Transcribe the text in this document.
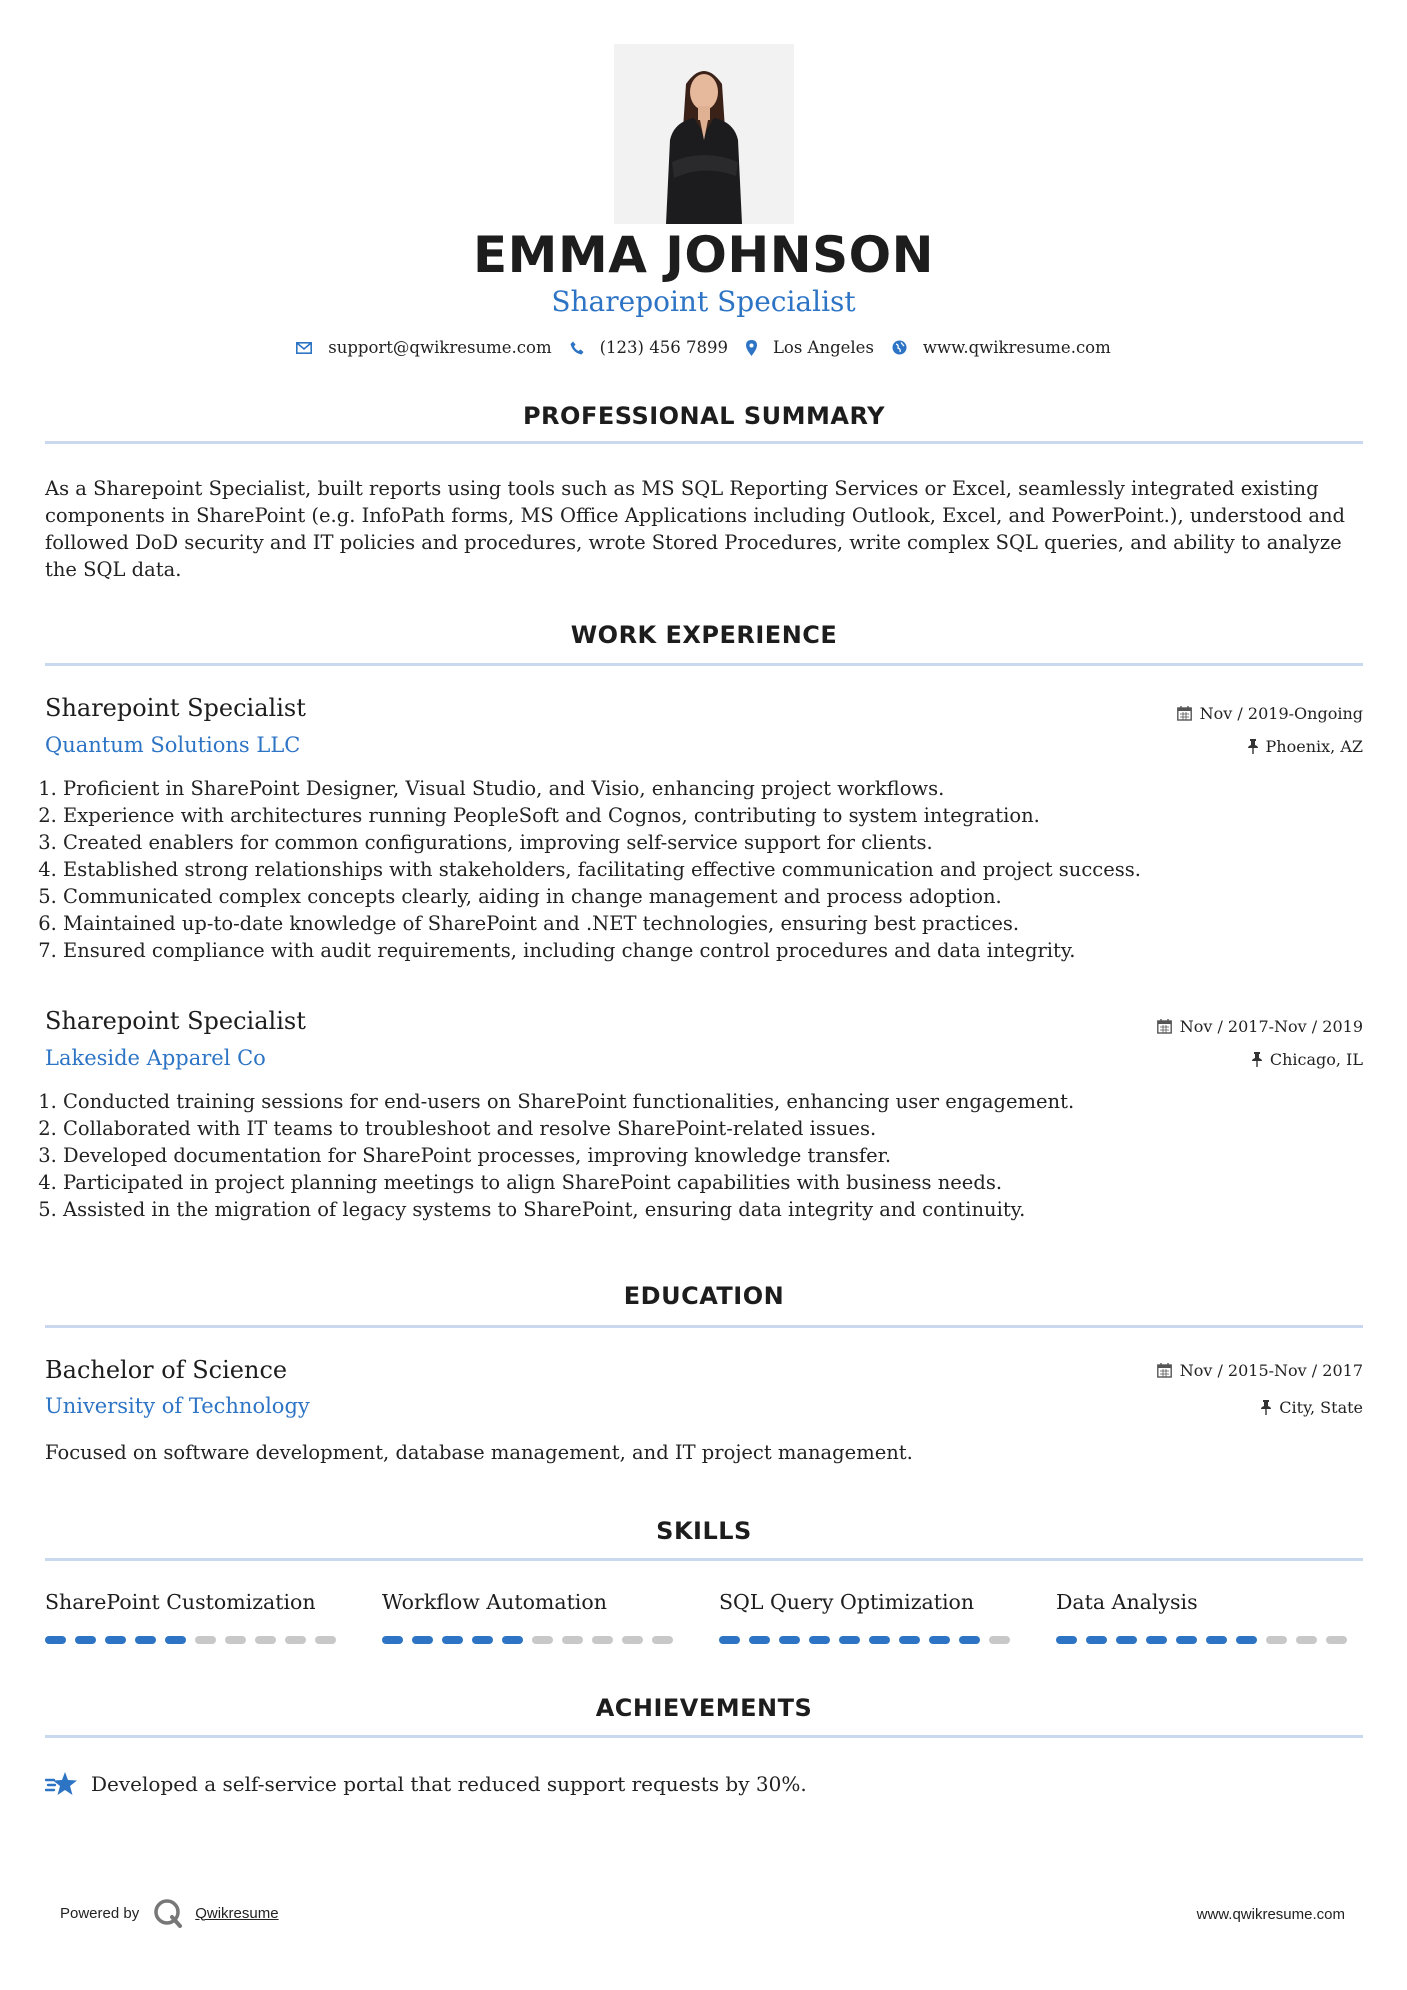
EMMA JOHNSON
Sharepoint Specialist
support@qwikresume.com	(123) 456 7899	Los Angeles	www.qwikresume.com
PROFESSIONAL SUMMARY
As a Sharepoint Specialist, built reports using tools such as MS SQL Reporting Services or Excel, seamlessly integrated existing components in SharePoint (e.g. InfoPath forms, MS Office Applications including Outlook, Excel, and PowerPoint.), understood and followed DoD security and IT policies and procedures, wrote Stored Procedures, write complex SQL queries, and ability to analyze the SQL data.
WORK EXPERIENCE
Sharepoint Specialist
Quantum Solutions LLC
Nov / 2019-Ongoing
Phoenix, AZ
1. Proficient in SharePoint Designer, Visual Studio, and Visio, enhancing project workflows.
2. Experience with architectures running PeopleSoft and Cognos, contributing to system integration.
3. Created enablers for common configurations, improving self-service support for clients.
4. Established strong relationships with stakeholders, facilitating effective communication and project success.
5. Communicated complex concepts clearly, aiding in change management and process adoption.
6. Maintained up-to-date knowledge of SharePoint and .NET technologies, ensuring best practices.
7. Ensured compliance with audit requirements, including change control procedures and data integrity.
Sharepoint Specialist
Lakeside Apparel Co
Nov / 2017-Nov / 2019
Chicago, IL
1. Conducted training sessions for end-users on SharePoint functionalities, enhancing user engagement.
2. Collaborated with IT teams to troubleshoot and resolve SharePoint-related issues.
3. Developed documentation for SharePoint processes, improving knowledge transfer.
4. Participated in project planning meetings to align SharePoint capabilities with business needs.
5. Assisted in the migration of legacy systems to SharePoint, ensuring data integrity and continuity.
EDUCATION
Bachelor of Science
University of Technology
Nov / 2015-Nov / 2017
City, State
Focused on software development, database management, and IT project management.
SKILLS
SharePoint Customization	Workflow Automation	SQL Query Optimization	Data Analysis
ACHIEVEMENTS
Developed a self-service portal that reduced support requests by 30%.
Powered by	Qwikresume	www.qwikresume.com
